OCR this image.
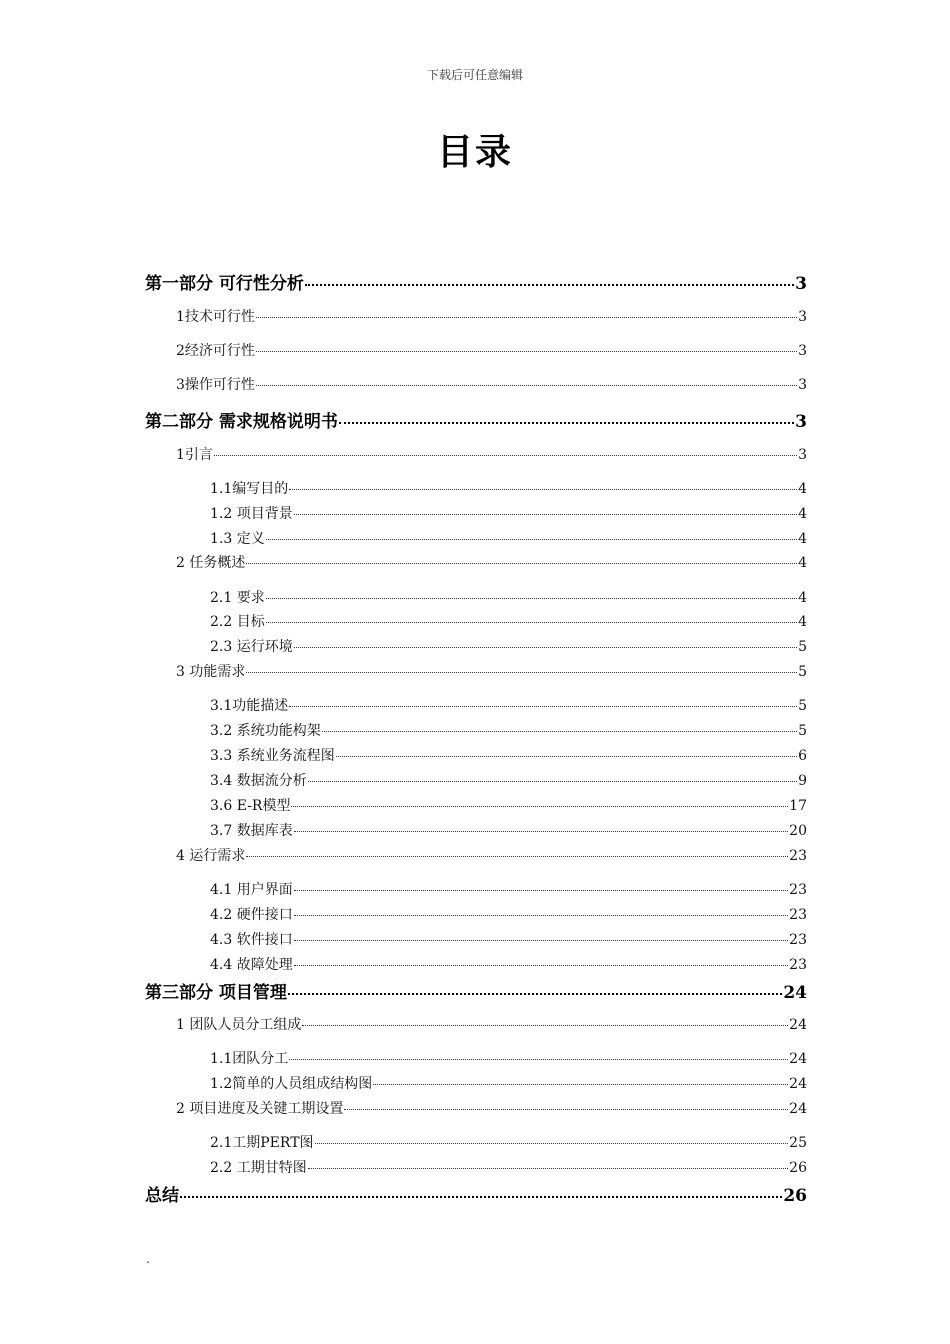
下载后可任意编辑
目录
第一部分 可行性分析	3
1技术可行性	3
2经济可行性	3
3操作可行性	3
第二部分 需求规格说明书	3
1引言	3
1.1编写目的	4
1.2 项目背景	4
1.3 定义	4
2 任务概述	4
2.1 要求	4
2.2 目标	4
2.3 运行环境	5
3 功能需求	5
3.1功能描述	5
3.2 系统功能构架	5
3.3 系统业务流程图	6
3.4 数据流分析	9
3.6 E-R模型	17
3.7 数据库表	20
4 运行需求	23
4.1 用户界面	23
4.2 硬件接口	23
4.3 软件接口	23
4.4 故障处理	23
第三部分 项目管理	24
1 团队人员分工组成	24
1.1团队分工	24
1.2简单的人员组成结构图	24
2 项目进度及关键工期设置	24
2.1工期PERT图	25
2.2 工期甘特图	26
总结	26
.
